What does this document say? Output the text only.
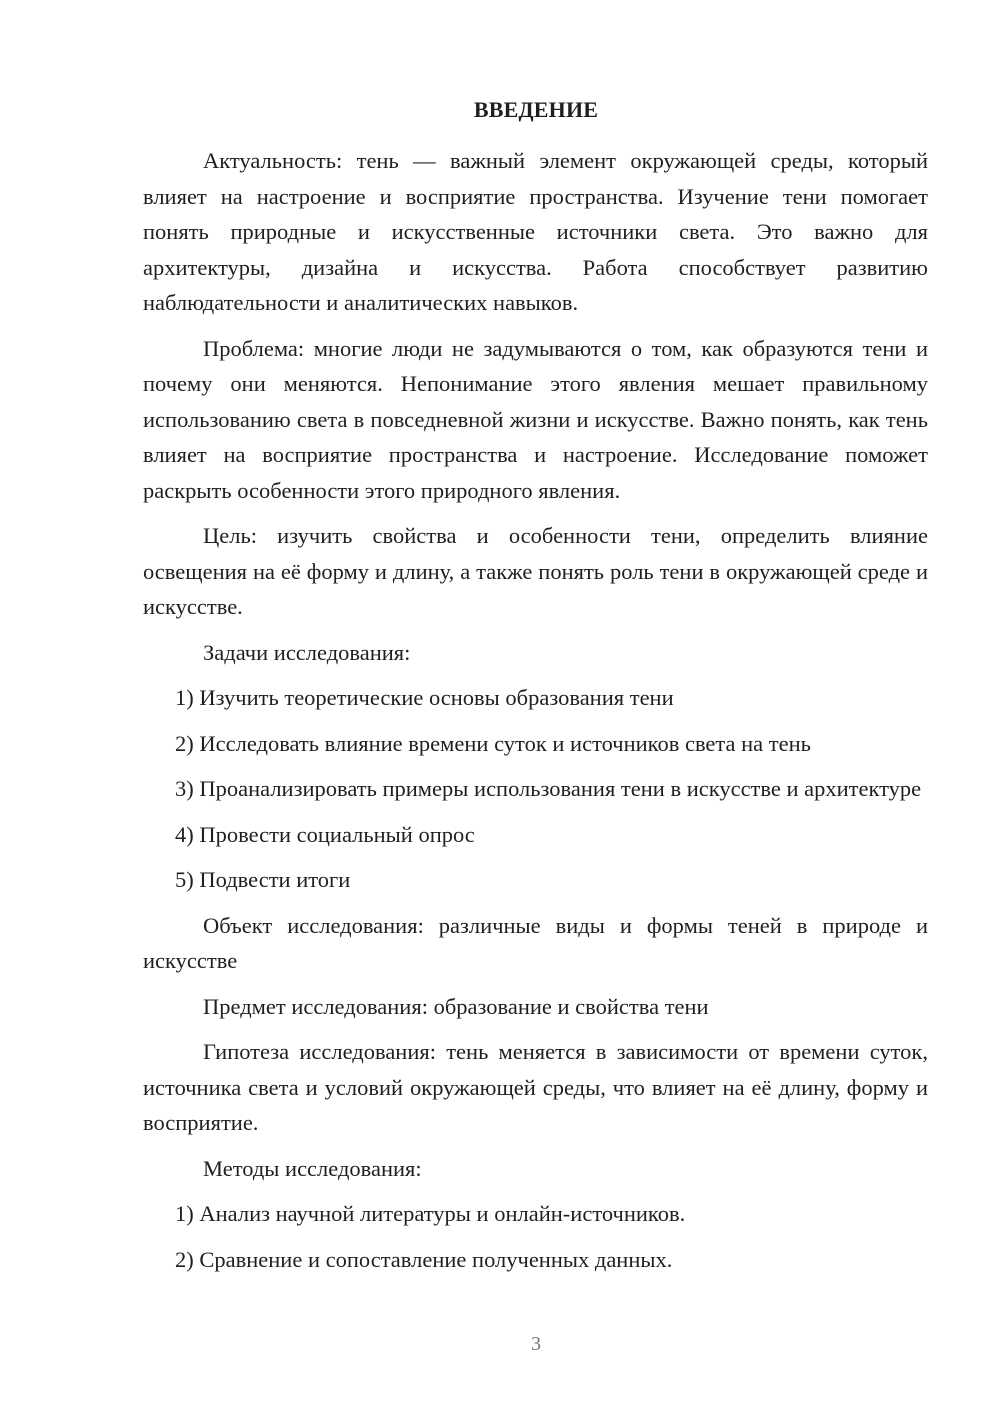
ВВЕДЕНИЕ

Актуальность: тень — важный элемент окружающей среды, который влияет на настроение и восприятие пространства. Изучение тени помогает понять природные и искусственные источники света. Это важно для архитектуры, дизайна и искусства. Работа способствует развитию наблюдательности и аналитических навыков.

Проблема: многие люди не задумываются о том, как образуются тени и почему они меняются. Непонимание этого явления мешает правильному использованию света в повседневной жизни и искусстве. Важно понять, как тень влияет на восприятие пространства и настроение. Исследование поможет раскрыть особенности этого природного явления.

Цель: изучить свойства и особенности тени, определить влияние освещения на её форму и длину, а также понять роль тени в окружающей среде и искусстве.

Задачи исследования:

1) Изучить теоретические основы образования тени

2) Исследовать влияние времени суток и источников света на тень

3) Проанализировать примеры использования тени в искусстве и архитектуре

4) Провести социальный опрос

5) Подвести итоги

Объект исследования: различные виды и формы теней в природе и искусстве

Предмет исследования: образование и свойства тени

Гипотеза исследования: тень меняется в зависимости от времени суток, источника света и условий окружающей среды, что влияет на её длину, форму и восприятие.

Методы исследования:

1) Анализ научной литературы и онлайн-источников.

2) Сравнение и сопоставление полученных данных.

3
